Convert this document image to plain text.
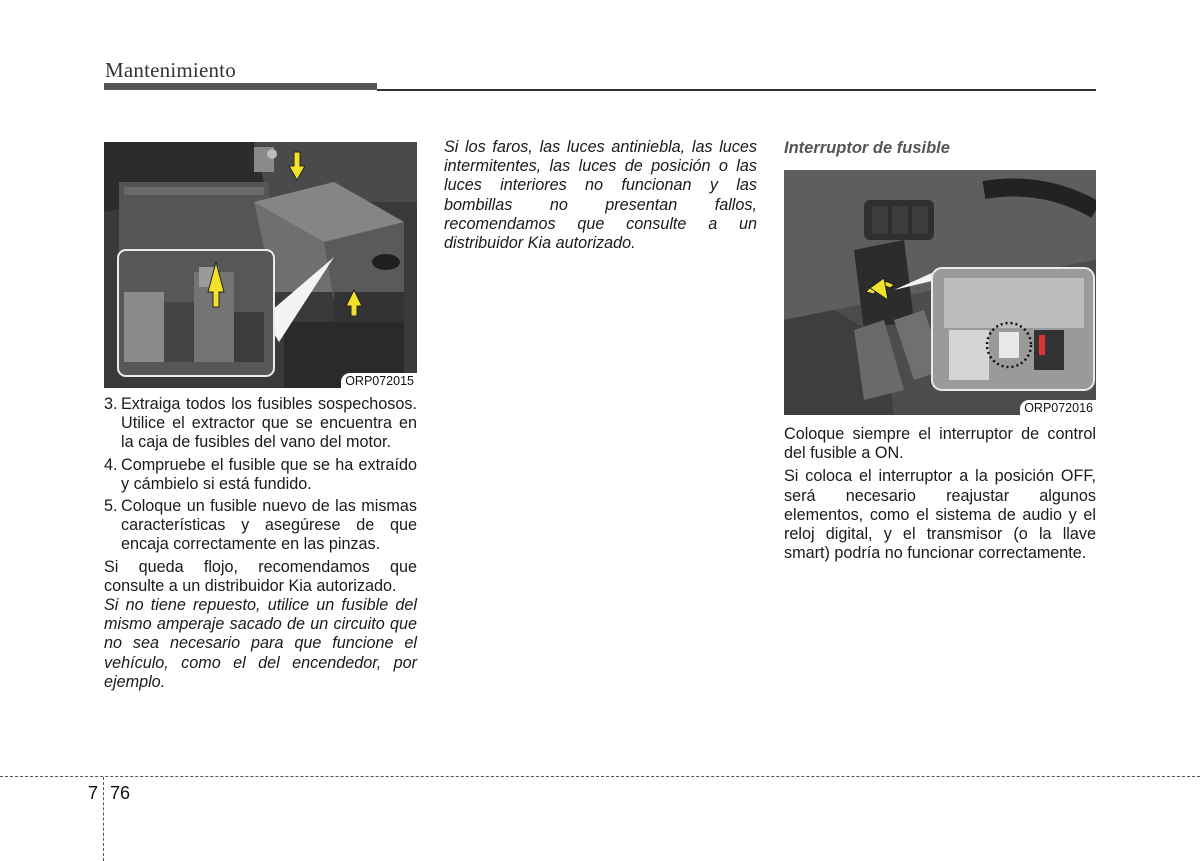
Mantenimiento
ORP072015
ORP072016
3. Extraiga todos los fusibles sospechosos. Utilice el extractor que se encuentra en la caja de fusibles del vano del motor.
4. Compruebe el fusible que se ha extraído y cámbielo si está fundido.
5. Coloque un fusible nuevo de las mismas características y asegúrese de que encaja correctamente en las pinzas.

Si queda flojo, recomendamos que consulte a un distribuidor Kia autorizado.

Si no tiene repuesto, utilice un fusible del mismo amperaje sacado de un circuito que no sea necesario para que funcione el vehículo, como el del encendedor, por ejemplo.

Si los faros, las luces antiniebla, las luces intermitentes, las luces de posición o las luces interiores no funcionan y las bombillas no presentan fallos, recomendamos que consulte a un distribuidor Kia autorizado.

Interruptor de fusible

Coloque siempre el interruptor de control del fusible a ON.

Si coloca el interruptor a la posición OFF, será necesario reajustar algunos elementos, como el sistema de audio y el reloj digital, y el transmisor (o la llave smart) podría no funcionar correctamente.

7 76
